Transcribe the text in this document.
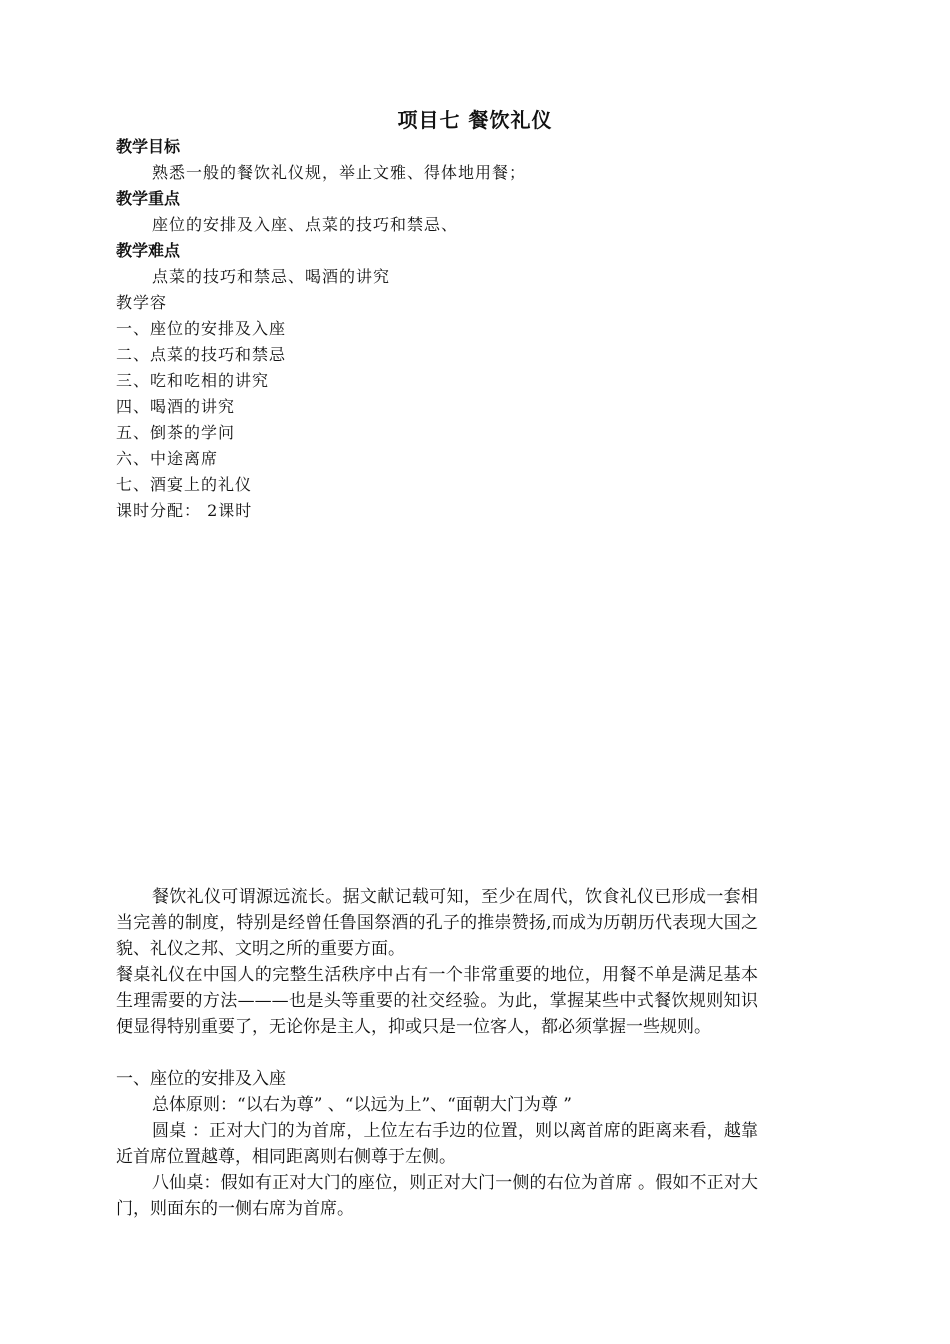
项目七 餐饮礼仪
教学目标
熟悉一般的餐饮礼仪规，举止文雅、得体地用餐；
教学重点
座位的安排及入座、点菜的技巧和禁忌、
教学难点
点菜的技巧和禁忌、喝酒的讲究
教学容
一、座位的安排及入座
二、点菜的技巧和禁忌
三、吃和吃相的讲究
四、喝酒的讲究
五、倒茶的学问
六、中途离席
七、酒宴上的礼仪
课时分配： 2课时
餐饮礼仪可谓源远流长。据文献记载可知，至少在周代，饮食礼仪已形成一套相当完善的制度，特别是经曾任鲁国祭酒的孔子的推崇赞扬,而成为历朝历代表现大国之貌、礼仪之邦、文明之所的重要方面。
餐桌礼仪在中国人的完整生活秩序中占有一个非常重要的地位，用餐不单是满足基本生理需要的方法———也是头等重要的社交经验。为此，掌握某些中式餐饮规则知识便显得特别重要了，无论你是主人，抑或只是一位客人，都必须掌握一些规则。
一、座位的安排及入座
总体原则：“以右为尊” 、“以远为上”、“面朝大门为尊 ”
圆桌 ：正对大门的为首席，上位左右手边的位置，则以离首席的距离来看，越靠近首席位置越尊，相同距离则右侧尊于左侧。
八仙桌：假如有正对大门的座位，则正对大门一侧的右位为首席 。假如不正对大门，则面东的一侧右席为首席。
